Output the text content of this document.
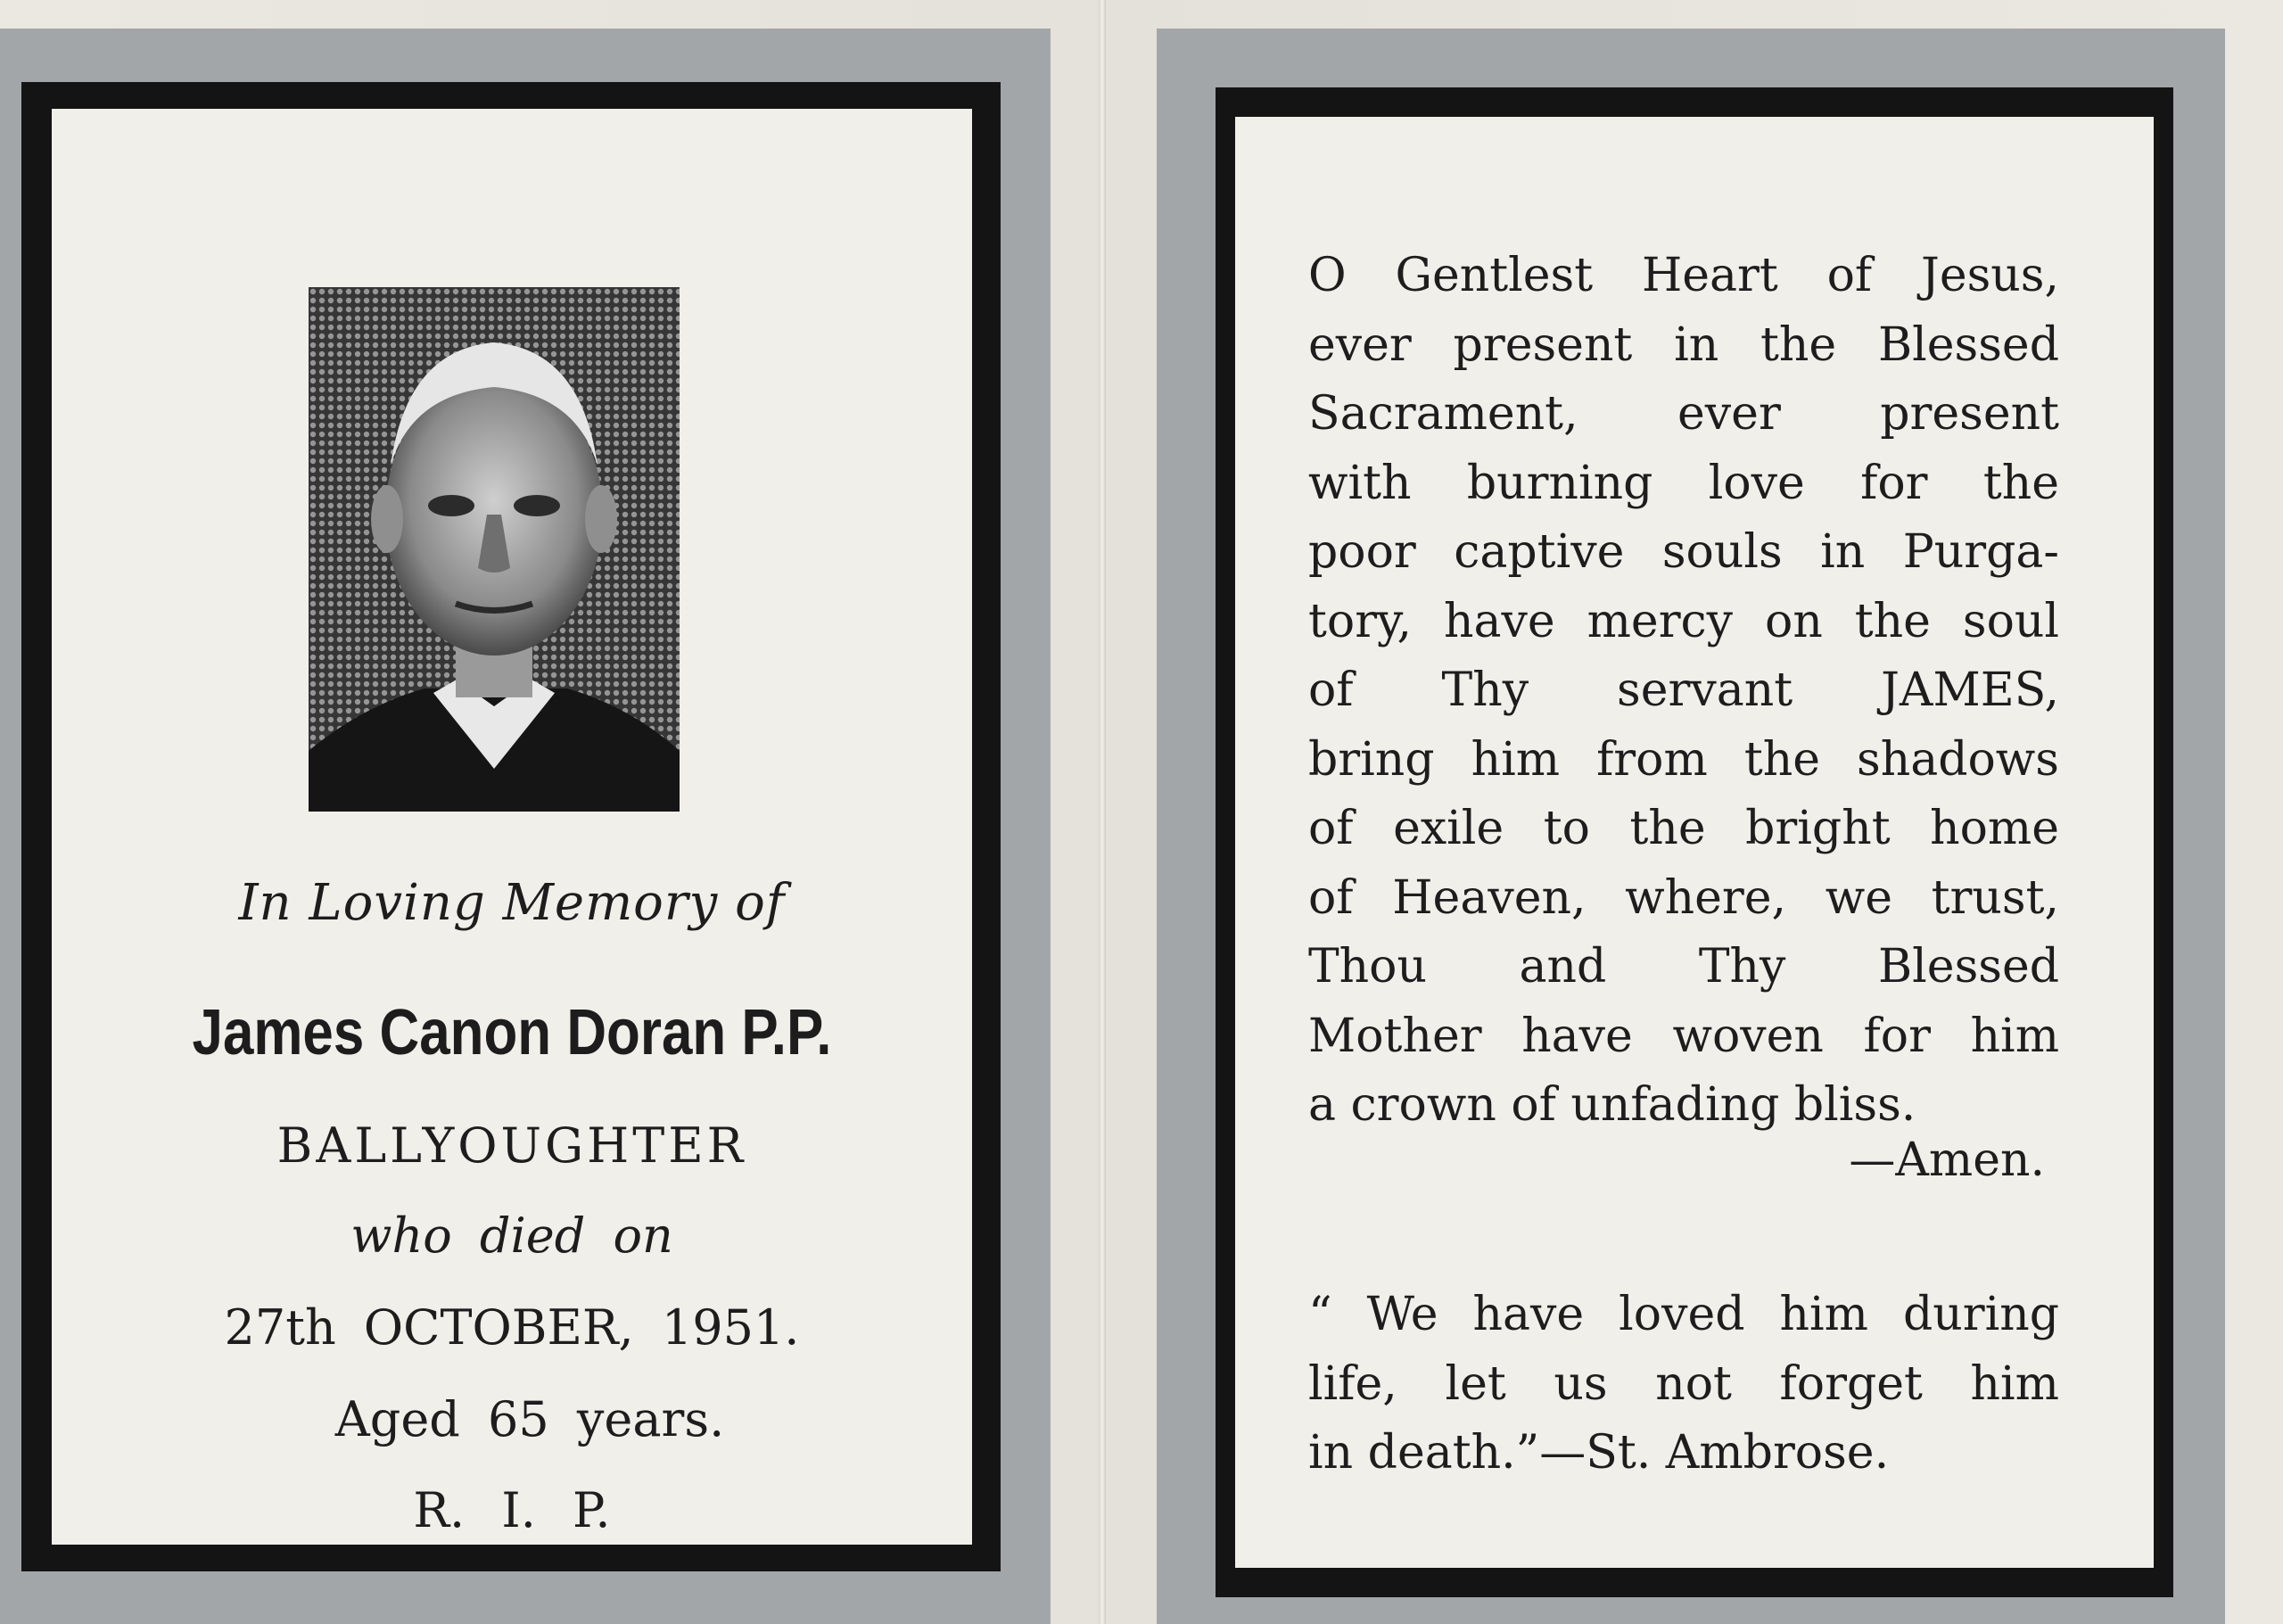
In Loving Memory of
James Canon Doran P.P.
BALLYOUGHTER
who died on
27th OCTOBER, 1951.
Aged 65 years.
R. I. P.
O Gentlest Heart of Jesus,
ever present in the Blessed
Sacrament, ever present
with burning love for the
poor captive souls in Purga-
tory, have mercy on the soul
of Thy servant JAMES,
bring him from the shadows
of exile to the bright home
of Heaven, where, we trust,
Thou and Thy Blessed
Mother have woven for him
a crown of unfading bliss.
—Amen.
“ We have loved him during
life, let us not forget him
in death.”—St. Ambrose.
